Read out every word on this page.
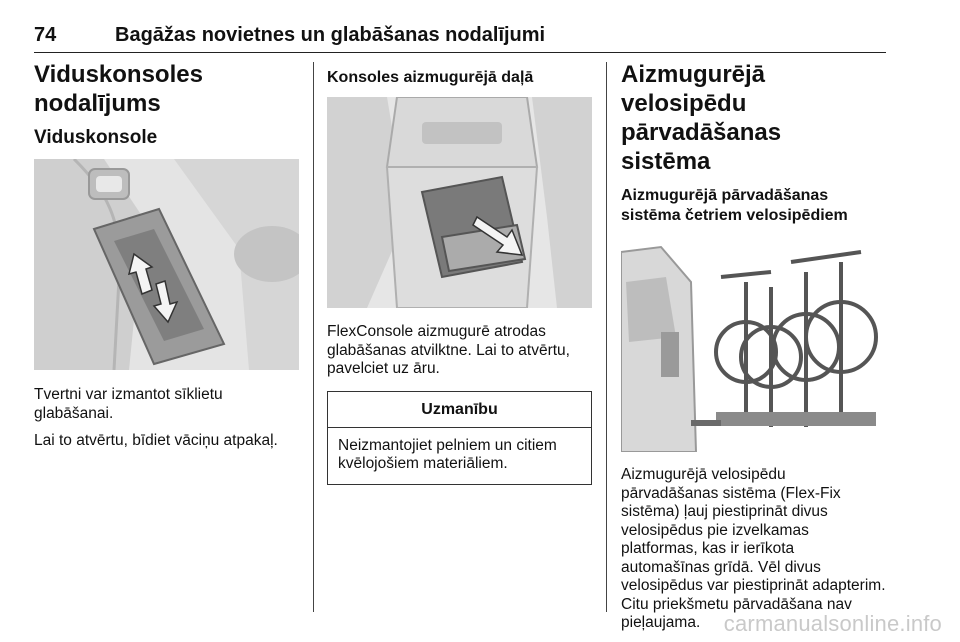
74	Bagāžas novietnes un glabāšanas nodalījumi
Viduskonsoles nodalījums
Viduskonsole

Tvertni var izmantot sīklietu glabāšanai.

Lai to atvērtu, bīdiet vāciņu atpakaļ.

Konsoles aizmugurējā daļā

FlexConsole aizmugurē atrodas glabāšanas atvilktne. Lai to atvērtu, pavelciet uz āru.

Uzmanību
Neizmantojiet pelniem un citiem kvēlojošiem materiāliem.
Aizmugurējā velosipēdu pārvadāšanas sistēma
Aizmugurējā pārvadāšanas sistēma četriem velosipēdiem

Aizmugurējā velosipēdu pārvadāšanas sistēma (Flex-Fix sistēma) ļauj piestiprināt divus velosipēdus pie izvelkamas platformas, kas ir ierīkota automašīnas grīdā. Vēl divus velosipēdus var piestiprināt adapterim. Citu priekšmetu pārvadāšana nav pieļaujama.	carmanualsonline.info
